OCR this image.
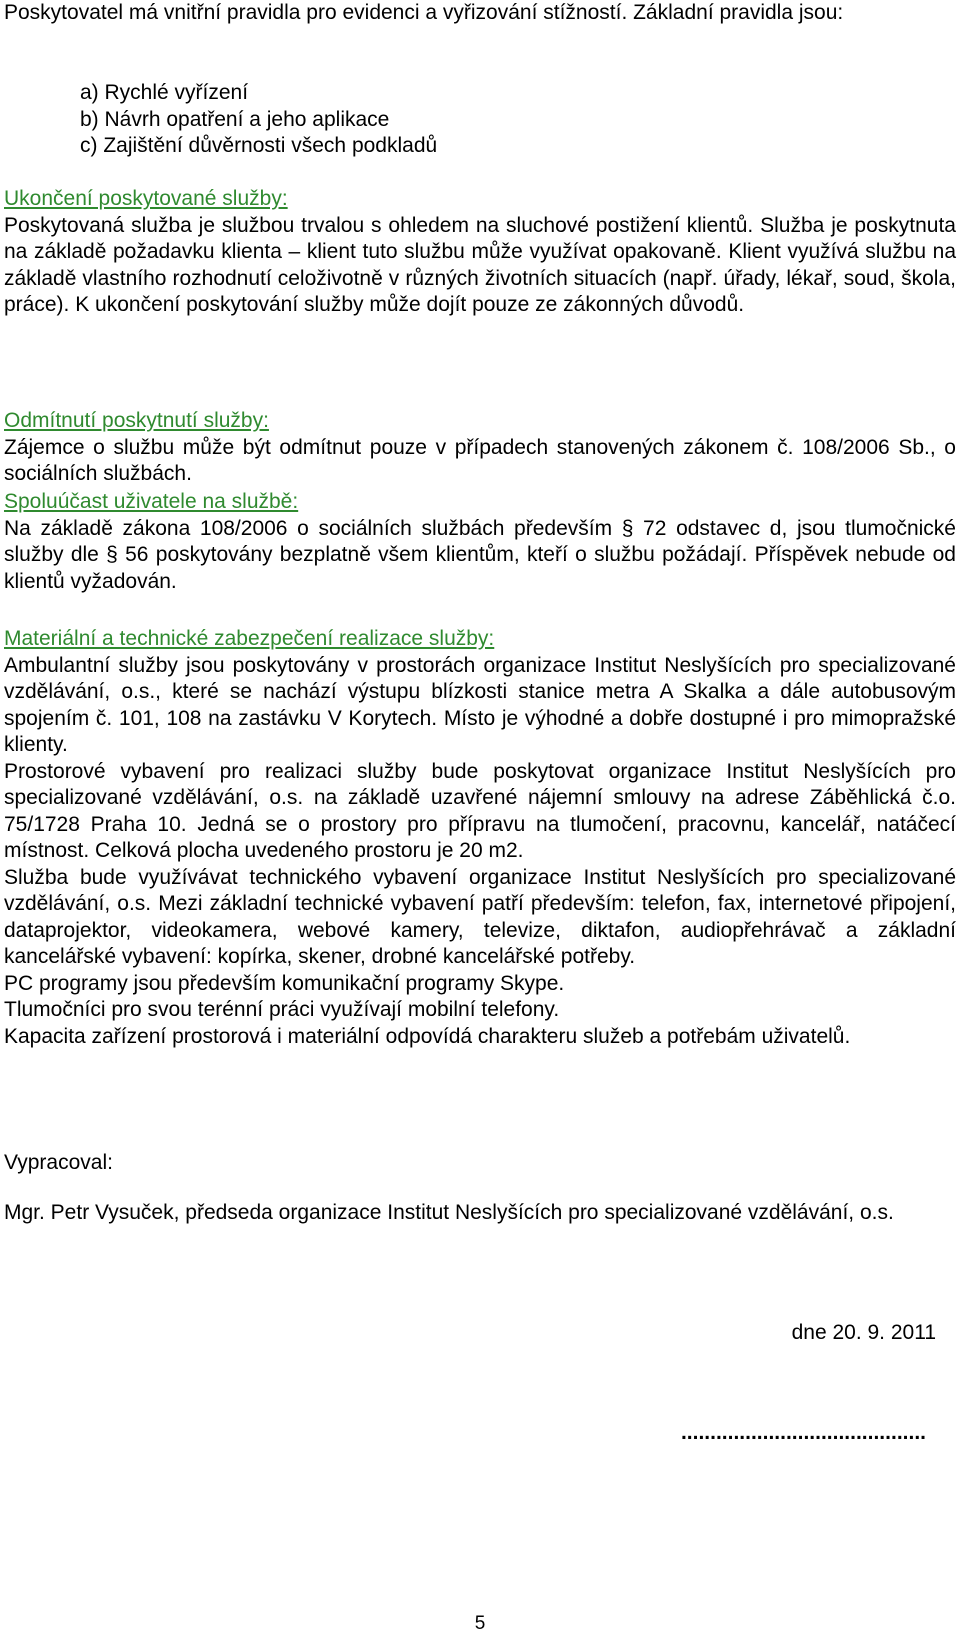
Poskytovatel má vnitřní pravidla pro evidenci a vyřizování stížností. Základní pravidla jsou:

a) Rychlé vyřízení
b) Návrh opatření a jeho aplikace
c) Zajištění důvěrnosti všech podkladů

Ukončení poskytované služby:

Poskytovaná služba je službou trvalou s ohledem na sluchové postižení klientů. Služba je poskytnuta na základě požadavku klienta – klient tuto službu může využívat opakovaně. Klient využívá službu na základě vlastního rozhodnutí celoživotně v různých životních situacích (např. úřady, lékař, soud, škola, práce). K ukončení poskytování služby může dojít pouze ze zákonných důvodů.

Odmítnutí poskytnutí služby:

Zájemce o službu může být odmítnut pouze v případech stanovených zákonem č. 108/2006 Sb., o sociálních službách.

Spoluúčast uživatele na službě:

Na základě zákona 108/2006 o sociálních službách především § 72 odstavec d, jsou tlumočnické služby dle § 56 poskytovány bezplatně všem klientům, kteří o službu požádají. Příspěvek nebude od klientů vyžadován.

Materiální a technické zabezpečení realizace služby:

Ambulantní služby jsou poskytovány v prostorách organizace Institut Neslyšících pro specializované vzdělávání, o.s., které se nachází výstupu blízkosti stanice metra A Skalka a dále autobusovým spojením č. 101, 108 na zastávku V Korytech. Místo je výhodné a dobře dostupné i pro mimopražské klienty.

Prostorové vybavení pro realizaci služby bude poskytovat organizace Institut Neslyšících pro specializované vzdělávání, o.s. na základě uzavřené nájemní smlouvy na adrese Záběhlická č.o. 75/1728 Praha 10. Jedná se o prostory pro přípravu na tlumočení, pracovnu, kancelář, natáčecí místnost. Celková plocha uvedeného prostoru je 20 m2.

Služba bude využívávat technického vybavení organizace Institut Neslyšících pro specializované vzdělávání, o.s. Mezi základní technické vybavení patří především: telefon, fax, internetové připojení, dataprojektor, videokamera, webové kamery, televize, diktafon, audiopřehrávač a základní kancelářské vybavení: kopírka, skener, drobné kancelářské potřeby.

PC programy jsou především komunikační programy Skype.

Tlumočníci pro svou terénní práci využívají mobilní telefony.

Kapacita zařízení prostorová i materiální odpovídá charakteru služeb a potřebám uživatelů.

Vypracoval:

Mgr. Petr Vysuček, předseda organizace Institut Neslyšících pro specializované vzdělávání, o.s.

dne 20. 9. 2011

..........................................

5
